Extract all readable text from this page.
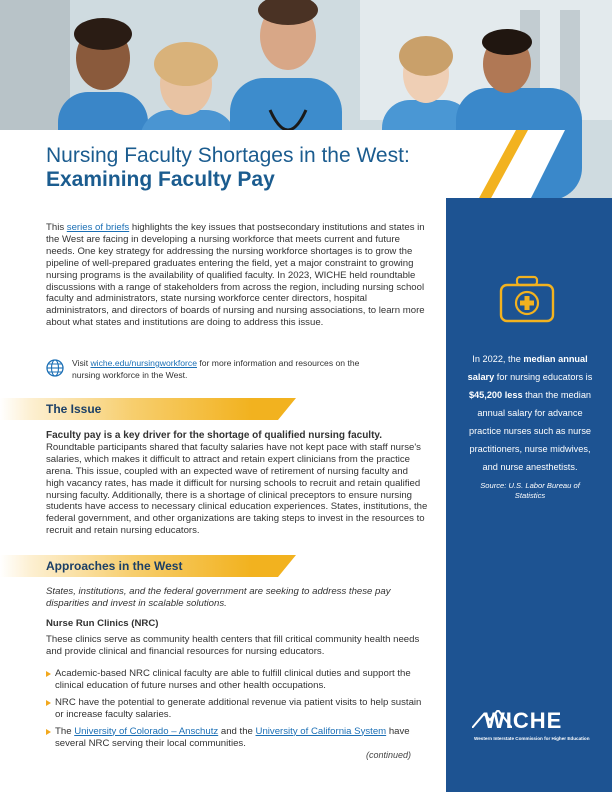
Nursing Faculty Shortages in the West:
Examining Faculty Pay
In 2022, the median annual salary for nursing educators is $45,200 less than the median annual salary for advance practice nurses such as nurse practitioners, nurse midwives, and nurse anesthetists.
Source: U.S. Labor Bureau of Statistics
WICHE
Western Interstate Commission for Higher Education
This series of briefs highlights the key issues that postsecondary institutions and states in the West are facing in developing a nursing workforce that meets current and future needs. One key strategy for addressing the nursing workforce shortages is to grow the pipeline of well-prepared graduates entering the field, yet a major constraint to growing nursing programs is the availability of qualified faculty. In 2023, WICHE held roundtable discussions with a range of stakeholders from across the region, including nursing school faculty and administrators, state nursing workforce center directors, hospital administrators, and directors of boards of nursing and nursing associations, to learn more about what states and institutions are doing to address this issue.
Visit wiche.edu/nursingworkforce for more information and resources on the nursing workforce in the West.
The Issue
Faculty pay is a key driver for the shortage of qualified nursing faculty. Roundtable participants shared that faculty salaries have not kept pace with staff nurse's salaries, which makes it difficult to attract and retain expert clinicians from the practice arena. This issue, coupled with an expected wave of retirement of nursing faculty and high vacancy rates, has made it difficult for nursing schools to recruit and retain qualified nursing faculty. Additionally, there is a shortage of clinical preceptors to ensure nursing students have access to necessary clinical education experiences. States, institutions, the federal government, and other organizations are taking steps to invest in the resources to recruit and retain nursing educators.
Approaches in the West
States, institutions, and the federal government are seeking to address these pay disparities and invest in scalable solutions.
Nurse Run Clinics (NRC)
These clinics serve as community health centers that fill critical community health needs and provide clinical and financial resources for nursing educators.
Academic-based NRC clinical faculty are able to fulfill clinical duties and support the clinical education of future nurses and other health occupations.
NRC have the potential to generate additional revenue via patient visits to help sustain or increase faculty salaries.
The University of Colorado – Anschutz and the University of California System have several NRC serving their local communities.
(continued)
